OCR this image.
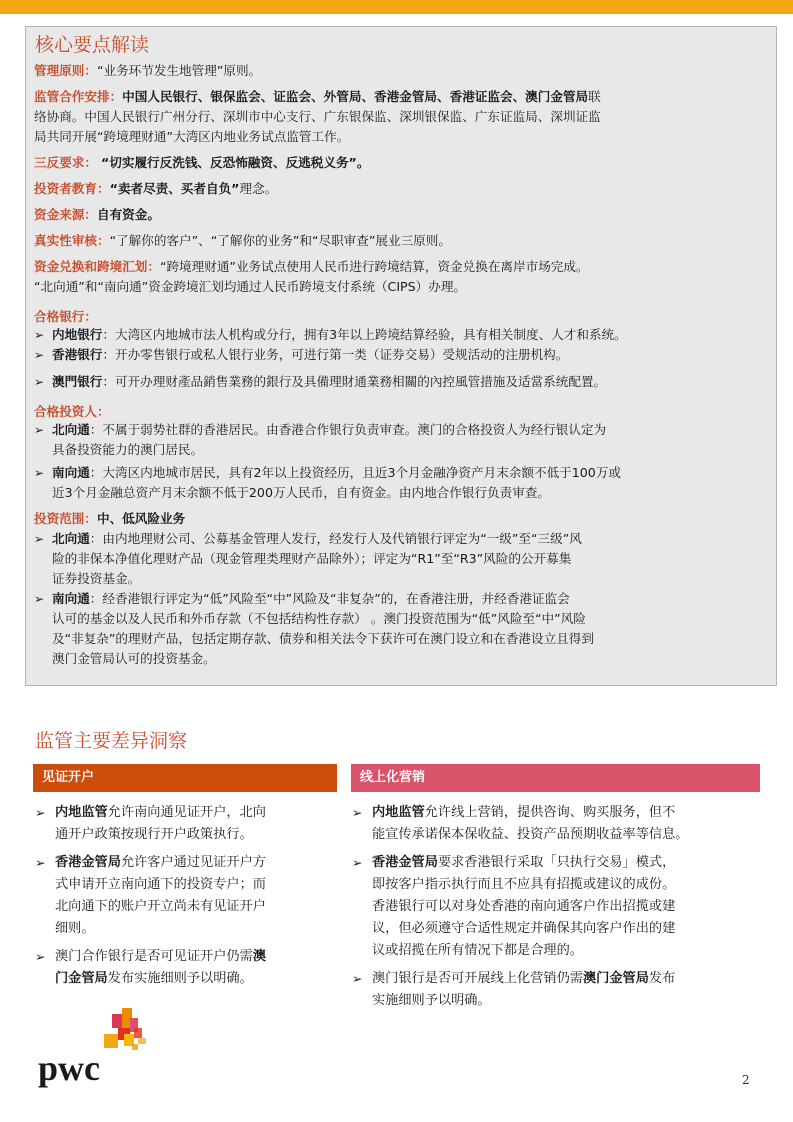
核心要点解读
管理原则：“业务环节发生地管理”原则。
监管合作安排：中国人民银行、银保监会、证监会、外管局、香港金管局、香港证监会、澳门金管局联
络协商。中国人民银行广州分行、深圳市中心支行、广东银保监、深圳银保监、广东证监局、深圳证监
局共同开展“跨境理财通”大湾区内地业务试点监管工作。
三反要求： “切实履行反洗钱、反恐怖融资、反逃税义务”。
投资者教育：“卖者尽责、买者自负”理念。
资金来源：自有资金。
真实性审核：“了解你的客户”、“了解你的业务”和“尽职审查”展业三原则。
资金兑换和跨境汇划：“跨境理财通”业务试点使用人民币进行跨境结算，资金兑换在离岸市场完成。
“北向通”和“南向通”资金跨境汇划均通过人民币跨境支付系统（CIPS）办理。
合格银行：
➢ 内地银行：大湾区内地城市法人机构或分行，拥有3年以上跨境结算经验，具有相关制度、人才和系统。
➢ 香港银行：开办零售银行或私人银行业务，可进行第一类（证券交易）受规活动的注册机构。
➢ 澳門银行：可开办理财產品銷售業務的銀行及具備理財通業務相關的內控風管措施及适當系统配置。
合格投资人：
➢ 北向通：不属于弱势社群的香港居民。由香港合作银行负责审查。澳门的合格投资人为经行银认定为
具备投资能力的澳门居民。
➢ 南向通：大湾区内地城市居民，具有2年以上投资经历，且近3个月金融净资产月末余额不低于100万或
近3个月金融总资产月末余额不低于200万人民币，自有资金。由内地合作银行负责审查。
投资范围：中、低风险业务
➢ 北向通：由内地理财公司、公募基金管理人发行，经发行人及代销银行评定为“一级”至“三级”风
险的非保本净值化理财产品（现金管理类理财产品除外）；评定为“R1”至“R3”风险的公开募集
证券投资基金。
➢ 南向通：经香港银行评定为“低”风险至“中”风险及“非复杂”的，在香港注册，并经香港证监会
认可的基金以及人民币和外币存款（不包括结构性存款） 。澳门投资范围为“低”风险至“中”风险
及“非复杂”的理财产品，包括定期存款、债券和相关法令下获许可在澳门设立和在香港设立且得到
澳门金管局认可的投资基金。
监管主要差异洞察
见证开户	线上化营销
➢ 内地监管允许南向通见证开户，北向
通开户政策按现行开户政策执行。
➢ 香港金管局允许客户通过见证开户方
式申请开立南向通下的投资专户；而
北向通下的账户开立尚未有见证开户
细则。
➢ 澳门合作银行是否可见证开户仍需澳
门金管局发布实施细则予以明确。
➢ 内地监管允许线上营销，提供咨询、购买服务，但不
能宣传承诺保本保收益、投资产品预期收益率等信息。
➢ 香港金管局要求香港银行采取「只执行交易」模式，
即按客户指示执行而且不应具有招揽或建议的成份。
香港银行可以对身处香港的南向通客户作出招揽或建
议，但必须遵守合适性规定并确保其向客户作出的建
议或招揽在所有情况下都是合理的。
➢ 澳门银行是否可开展线上化营销仍需澳门金管局发布
实施细则予以明确。
pwc	2
